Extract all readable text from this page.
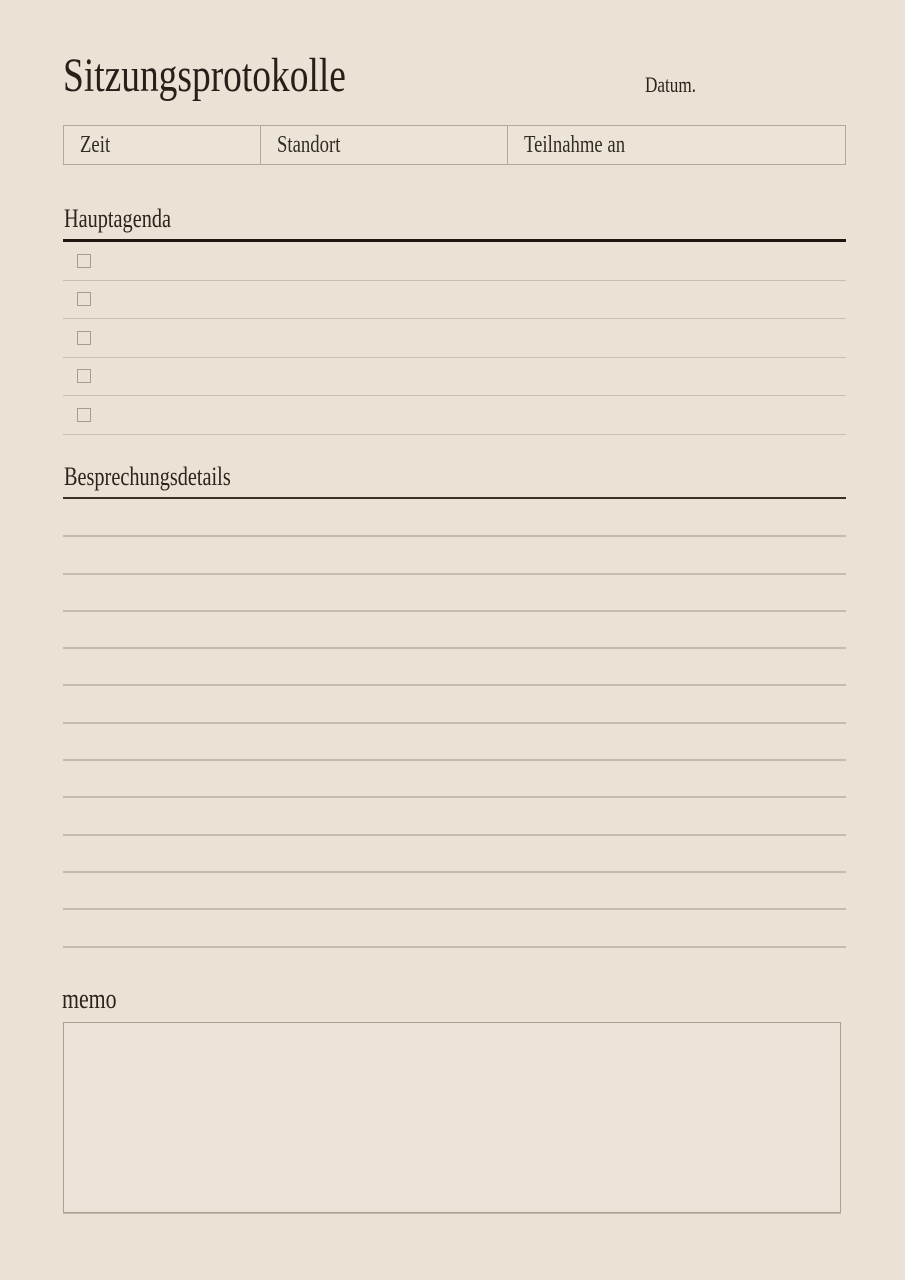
Sitzungsprotokolle	Datum.
Zeit	Standort	Teilnahme an
Hauptagenda
Besprechungsdetails
memo
